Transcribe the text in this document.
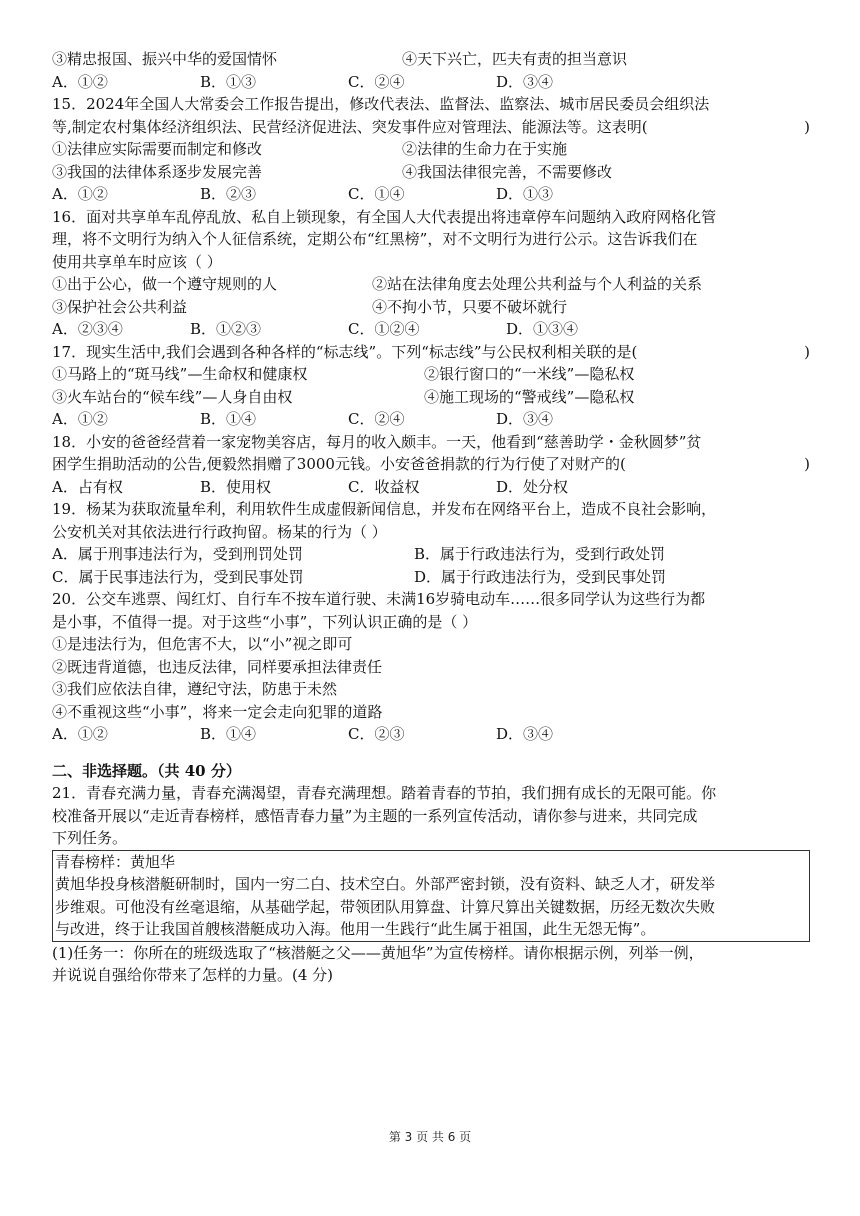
③精忠报国、振兴中华的爱国情怀	④天下兴亡，匹夫有责的担当意识
A．①②	B．①③	C．②④	D．③④
15．2024年全国人大常委会工作报告提出，修改代表法、监督法、监察法、城市居民委员会组织法
等,制定农村集体经济组织法、民营经济促进法、突发事件应对管理法、能源法等。这表明(	)
①法律应实际需要而制定和修改	②法律的生命力在于实施
③我国的法律体系逐步发展完善	④我国法律很完善，不需要修改
A．①②	B．②③	C．①④	D．①③
16．面对共享单车乱停乱放、私自上锁现象，有全国人大代表提出将违章停车问题纳入政府网格化管
理，将不文明行为纳入个人征信系统，定期公布“红黑榜”，对不文明行为进行公示。这告诉我们在
使用共享单车时应该（ ）
①出于公心，做一个遵守规则的人	②站在法律角度去处理公共利益与个人利益的关系
③保护社会公共利益	④不拘小节，只要不破坏就行
A．②③④	B．①②③	C．①②④	D．①③④
17．现实生活中,我们会遇到各种各样的“标志线”。下列“标志线”与公民权利相关联的是(	)
①马路上的“斑马线”—生命权和健康权	②银行窗口的“一米线”—隐私权
③火车站台的“候车线”—人身自由权	④施工现场的“警戒线”—隐私权
A．①②	B．①④	C．②④	D．③④
18．小安的爸爸经营着一家宠物美容店，每月的收入颇丰。一天，他看到“慈善助学・金秋圆梦”贫
困学生捐助活动的公告,便毅然捐赠了3000元钱。小安爸爸捐款的行为行使了对财产的(	)
A．占有权	B．使用权	C．收益权	D．处分权
19．杨某为获取流量牟利，利用软件生成虚假新闻信息，并发布在网络平台上，造成不良社会影响，
公安机关对其依法进行行政拘留。杨某的行为（ ）
A．属于刑事违法行为，受到刑罚处罚	B．属于行政违法行为，受到行政处罚
C．属于民事违法行为，受到民事处罚	D．属于行政违法行为，受到民事处罚
20．公交车逃票、闯红灯、自行车不按车道行驶、未满16岁骑电动车……很多同学认为这些行为都
是小事，不值得一提。对于这些“小事”，下列认识正确的是（ ）
①是违法行为，但危害不大，以“小”视之即可
②既违背道德，也违反法律，同样要承担法律责任
③我们应依法自律，遵纪守法，防患于未然
④不重视这些“小事”，将来一定会走向犯罪的道路
A．①②	B．①④	C．②③	D．③④
二、非选择题。（共 40 分）
21．青春充满力量，青春充满渴望，青春充满理想。踏着青春的节拍，我们拥有成长的无限可能。你
校准备开展以“走近青春榜样，感悟青春力量”为主题的一系列宣传活动，请你参与进来，共同完成
下列任务。
青春榜样：黄旭华
黄旭华投身核潜艇研制时，国内一穷二白、技术空白。外部严密封锁，没有资料、缺乏人才，研发举
步维艰。可他没有丝毫退缩，从基础学起，带领团队用算盘、计算尺算出关键数据，历经无数次失败
与改进，终于让我国首艘核潜艇成功入海。他用一生践行“此生属于祖国，此生无怨无悔”。
(1)任务一：你所在的班级选取了“核潜艇之父——黄旭华”为宣传榜样。请你根据示例，列举一例，
并说说自强给你带来了怎样的力量。(4 分)
第 3 页 共 6 页
